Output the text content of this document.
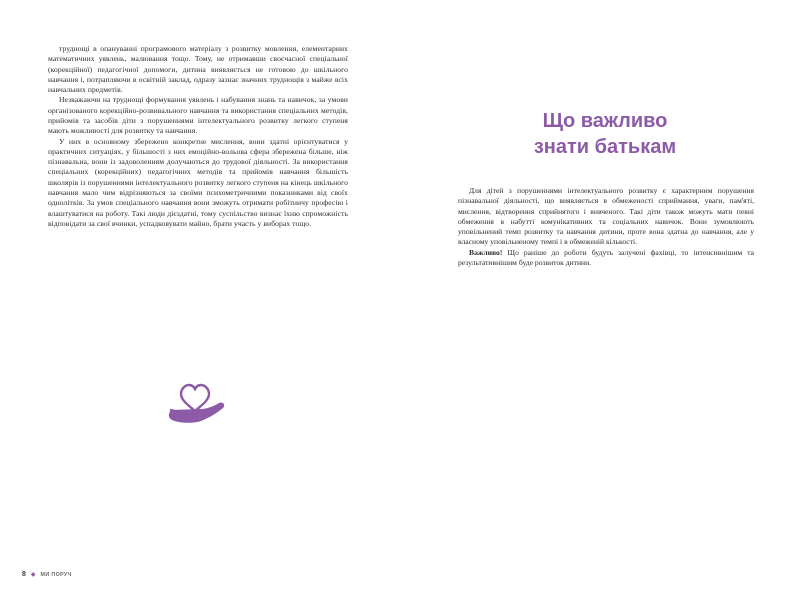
труднощі в опануванні програмового матеріалу з розвитку мовлення, елементарних математичних уявлень, малювання тощо. Тому, не отримавши своєчасної спеціальної (корекційної) педагогічної допомоги, дитина виявляється не готовою до шкільного навчання і, потрапляючи в освітній заклад, одразу зазнає значних труднощів з майже всіх навчальних предметів.

Незважаючи на труднощі формування уявлень і набування знань та навичок, за умови організованого корекційно-розвивального навчання та використання спеціальних методів, прийомів та засобів діти з порушеннями інтелектуального розвитку легкого ступеня мають можливості для розвитку та навчання.

У них в основному збережено конкретне мислення, вони здатні орієнтуватися у практичних ситуаціях, у більшості з них емоційно-вольова сфера збережена більше, ніж пізнавальна, вони із задоволенням долучаються до трудової діяльності. За використання спеціальних (корекційних) педагогічних методів та прийомів навчання більшість школярів із порушеннями інтелектуального розвитку легкого ступеня на кінець шкільного навчання мало чим відрізняються за своїми психометричними показниками від своїх однолітків. За умов спеціального навчання вони зможуть отримати робітничу професію і влаштуватися на роботу. Такі люди дієздатні, тому суспільство визнає їхню спроможність відповідати за свої вчинки, успадковувати майно, брати участь у виборах тощо.

8 ◆ МИ ПОРУЧ
Що важливо
знати батькам

Для дітей з порушеннями інтелектуального розвитку є характерним порушення пізнавальної діяльності, що виявляється в обмеженості сприймання, уваги, пам'яті, мислення, відтворення сприйнятого і вивченого. Такі діти також можуть мати певні обмеження в набутті комунікативних та соціальних навичок. Вони зумовлюють уповільнений темп розвитку та навчання дитини, проте вона здатна до навчання, але у власному уповільненому темпі і в обмеженій кількості.

Важливо! Що раніше до роботи будуть залучені фахівці, то інтенсивнішим та результативнішим буде розвиток дитини.
